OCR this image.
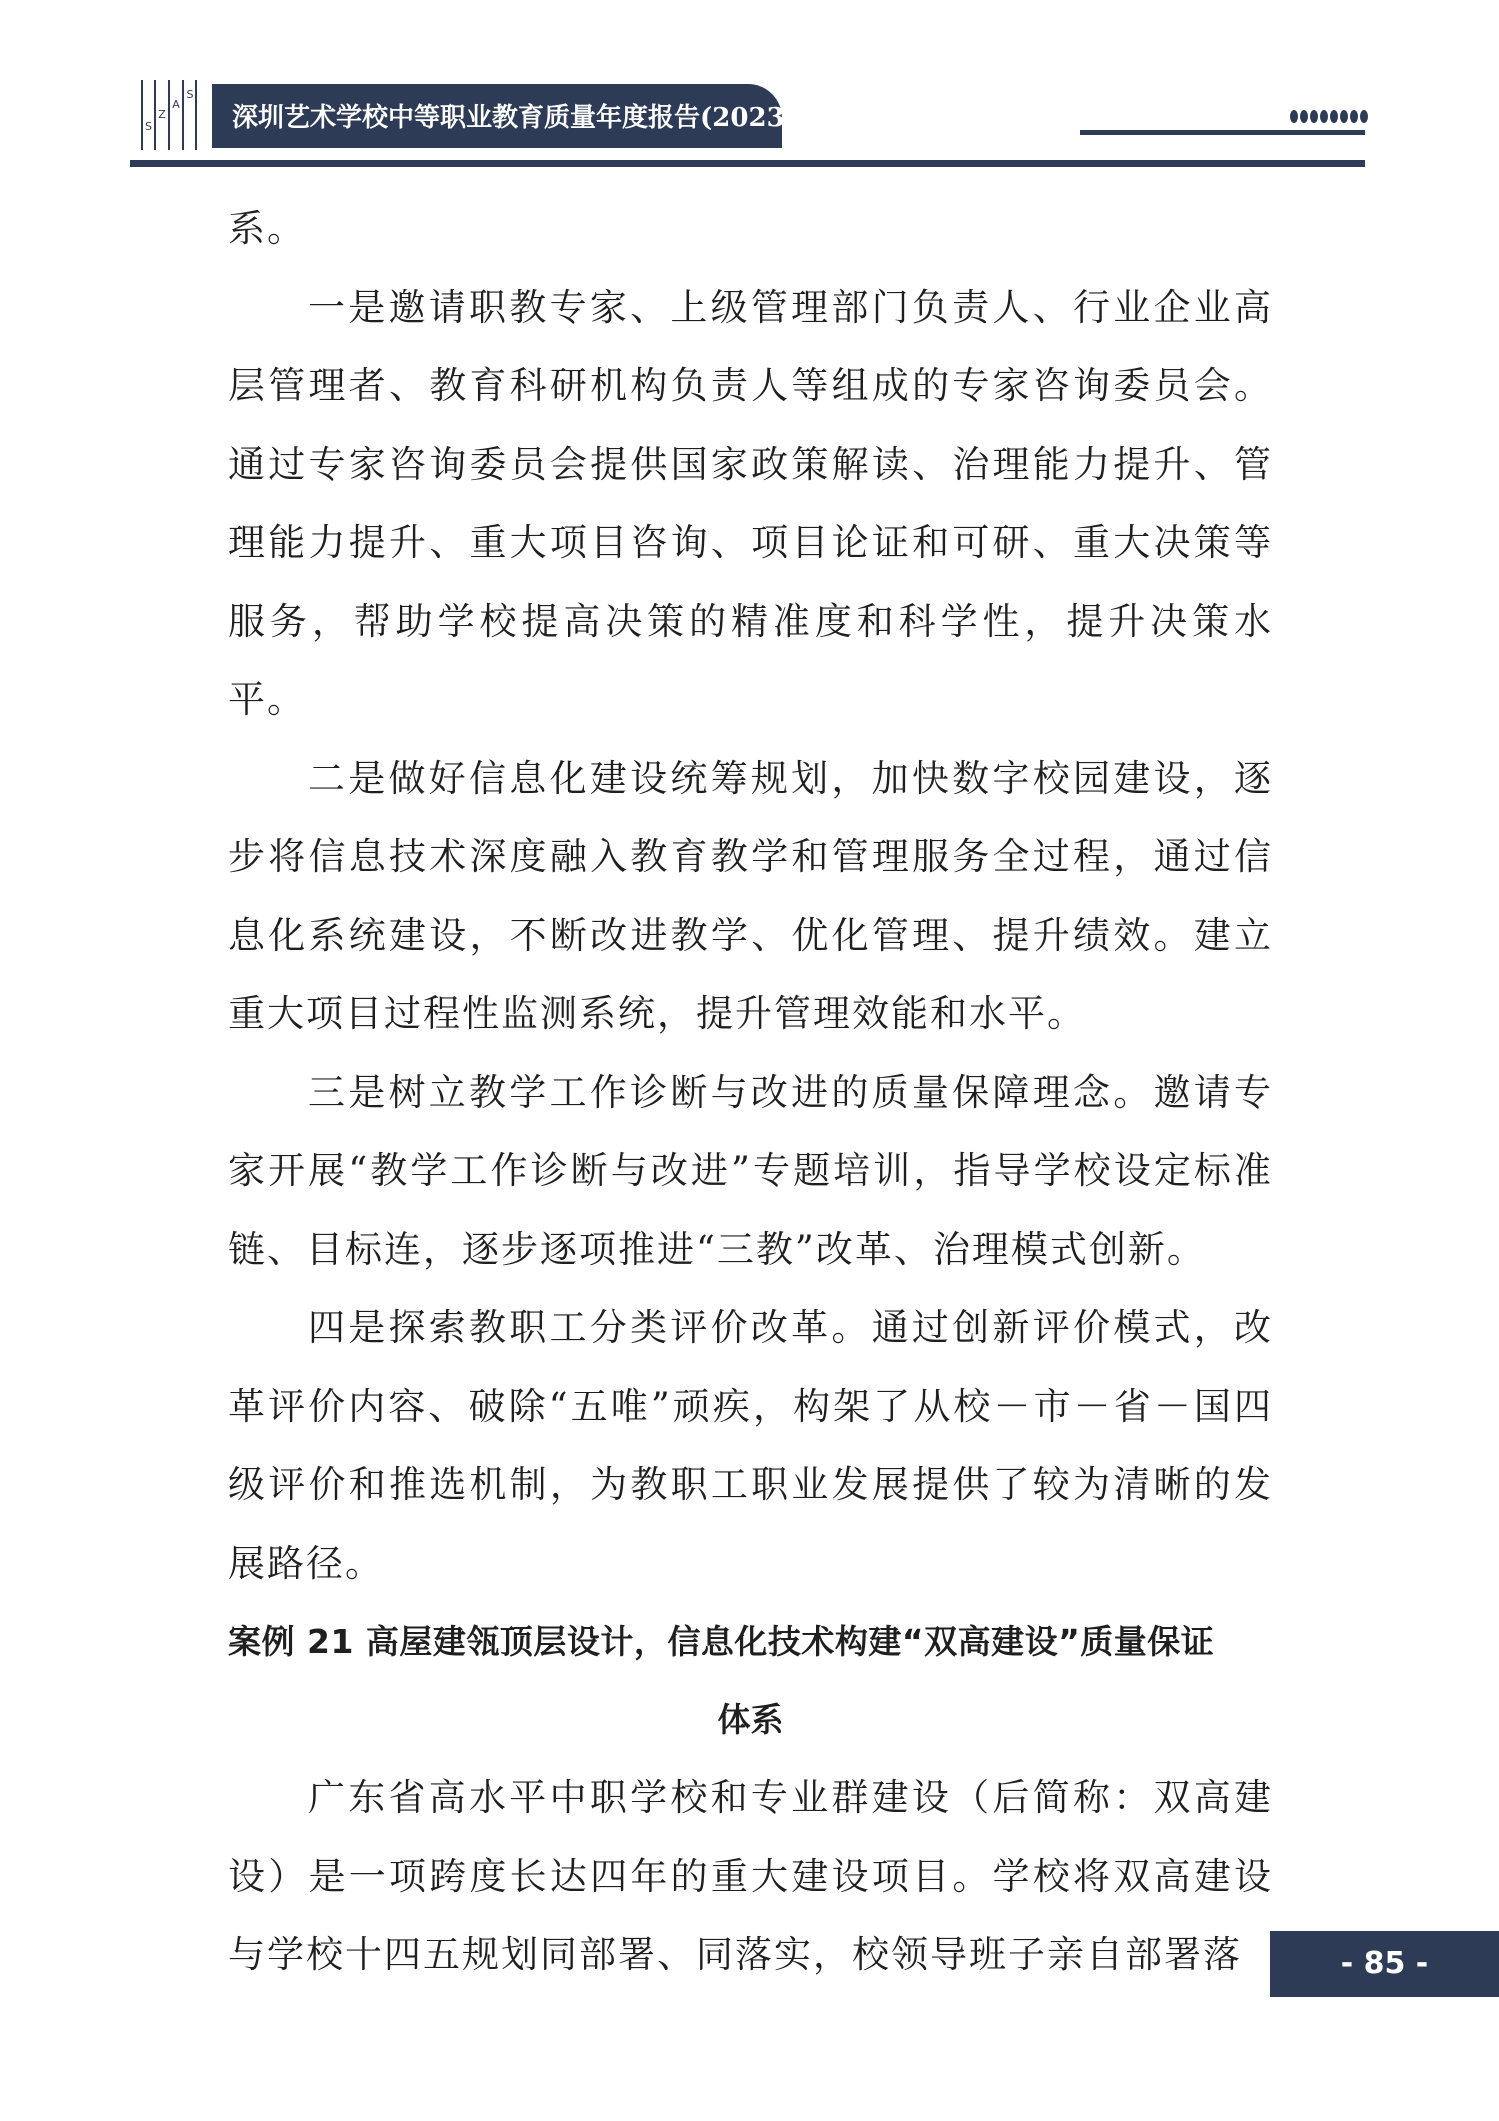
S
Z
A
S
深圳艺术学校中等职业教育质量年度报告(2023)

系。

一是邀请职教专家、上级管理部门负责人、行业企业高层管理者、教育科研机构负责人等组成的专家咨询委员会。通过专家咨询委员会提供国家政策解读、治理能力提升、管理能力提升、重大项目咨询、项目论证和可研、重大决策等服务，帮助学校提高决策的精准度和科学性，提升决策水平。

二是做好信息化建设统筹规划，加快数字校园建设，逐步将信息技术深度融入教育教学和管理服务全过程，通过信息化系统建设，不断改进教学、优化管理、提升绩效。建立重大项目过程性监测系统，提升管理效能和水平。

三是树立教学工作诊断与改进的质量保障理念。邀请专家开展“教学工作诊断与改进”专题培训，指导学校设定标准链、目标连，逐步逐项推进“三教”改革、治理模式创新。

四是探索教职工分类评价改革。通过创新评价模式，改革评价内容、破除“五唯”顽疾，构架了从校－市－省－国四级评价和推选机制，为教职工职业发展提供了较为清晰的发展路径。

案例 21 高屋建瓴顶层设计，信息化技术构建“双高建设”质量保证

体系

广东省高水平中职学校和专业群建设（后简称：双高建设）是一项跨度长达四年的重大建设项目。学校将双高建设与学校十四五规划同部署、同落实，校领导班子亲自部署落	- 85 -
